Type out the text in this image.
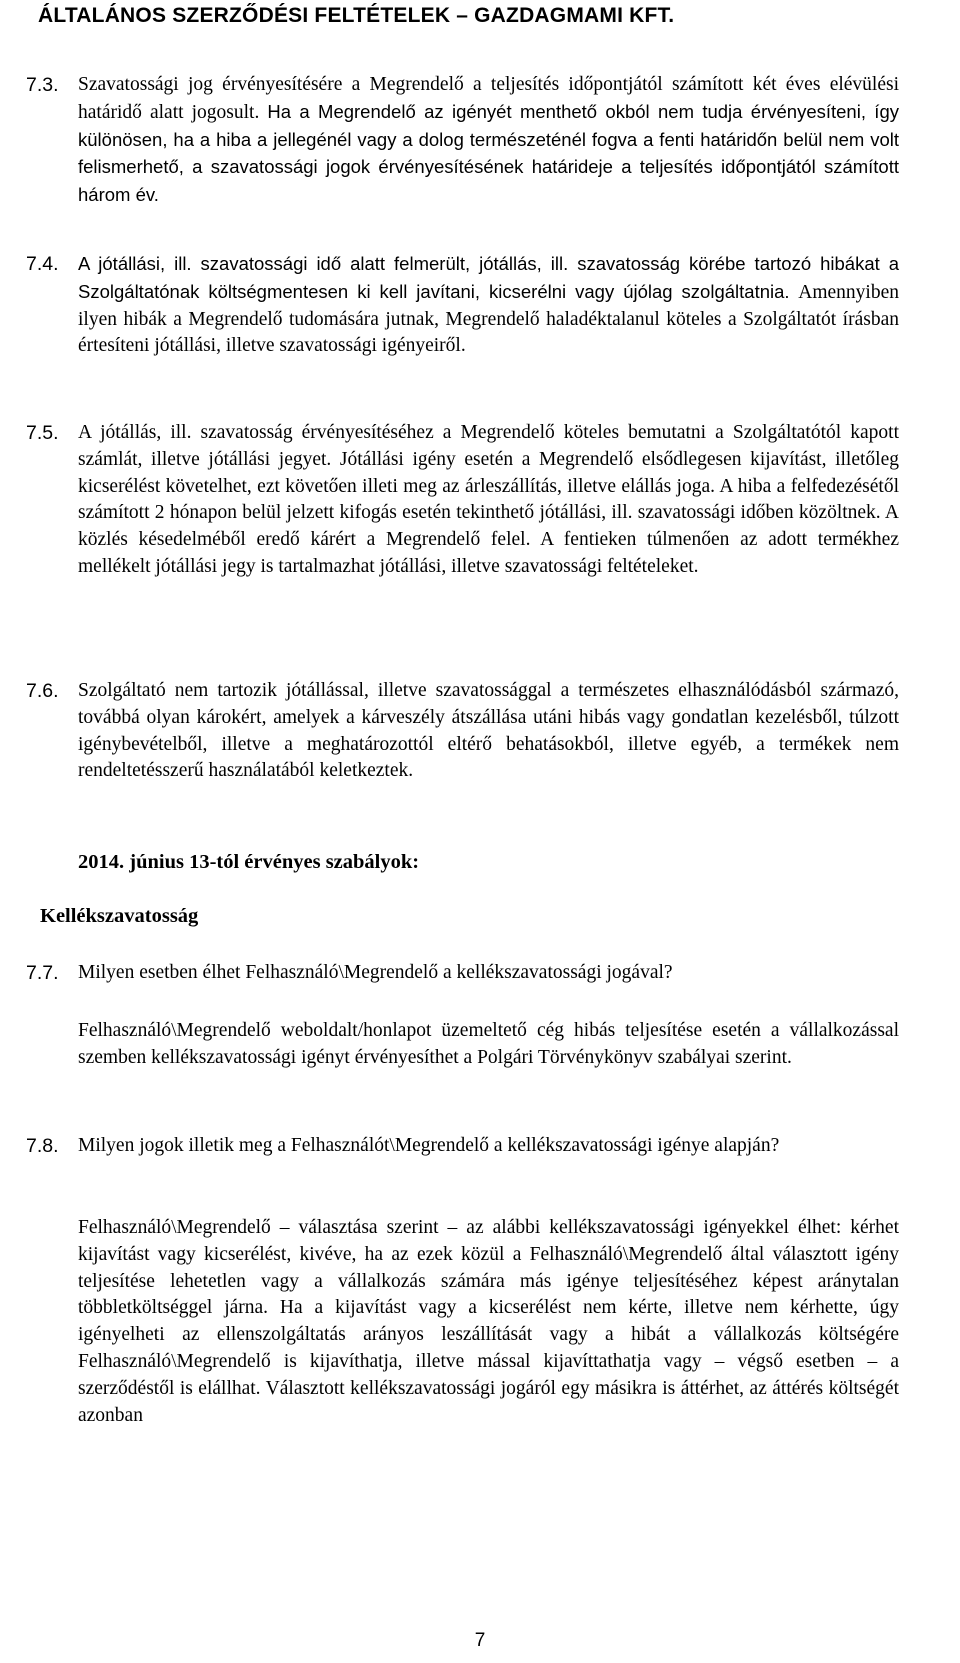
ÁLTALÁNOS SZERZŐDÉSI FELTÉTELEK – GAZDAGMAMI KFT.
7.3. Szavatossági jog érvényesítésére a Megrendelő a teljesítés időpontjától számított két éves elévülési határidő alatt jogosult. Ha a Megrendelő az igényét menthető okból nem tudja érvényesíteni, így különösen, ha a hiba a jellegénél vagy a dolog természeténél fogva a fenti határidőn belül nem volt felismerhető, a szavatossági jogok érvényesítésének határideje a teljesítés időpontjától számított három év.
7.4. A jótállási, ill. szavatossági idő alatt felmerült, jótállás, ill. szavatosság körébe tartozó hibákat a Szolgáltatónak költségmentesen ki kell javítani, kicserélni vagy újólag szolgáltatnia. Amennyiben ilyen hibák a Megrendelő tudomására jutnak, Megrendelő haladéktalanul köteles a Szolgáltatót írásban értesíteni jótállási, illetve szavatossági igényeiről.
7.5. A jótállás, ill. szavatosság érvényesítéséhez a Megrendelő köteles bemutatni a Szolgáltatótól kapott számlát, illetve jótállási jegyet. Jótállási igény esetén a Megrendelő elsődlegesen kijavítást, illetőleg kicserélést követelhet, ezt követően illeti meg az árleszállítás, illetve elállás joga. A hiba a felfedezésétől számított 2 hónapon belül jelzett kifogás esetén tekinthető jótállási, ill. szavatossági időben közöltnek. A közlés késedelméből eredő kárért a Megrendelő felel. A fentieken túlmenően az adott termékhez mellékelt jótállási jegy is tartalmazhat jótállási, illetve szavatossági feltételeket.
7.6. Szolgáltató nem tartozik jótállással, illetve szavatossággal a természetes elhasználódásból származó, továbbá olyan károkért, amelyek a kárveszély átszállása utáni hibás vagy gondatlan kezelésből, túlzott igénybevételből, illetve a meghatározottól eltérő behatásokból, illetve egyéb, a termékek nem rendeltetésszerű használatából keletkeztek.
2014. június 13-tól érvényes szabályok:
Kellékszavatosság
7.7. Milyen esetben élhet Felhasználó\Megrendelő a kellékszavatossági jogával?
Felhasználó\Megrendelő weboldalt/honlapot üzemeltető cég hibás teljesítése esetén a vállalkozással szemben kellékszavatossági igényt érvényesíthet a Polgári Törvénykönyv szabályai szerint.
7.8. Milyen jogok illetik meg a Felhasználót\Megrendelő a kellékszavatossági igénye alapján?
Felhasználó\Megrendelő – választása szerint – az alábbi kellékszavatossági igényekkel élhet: kérhet kijavítást vagy kicserélést, kivéve, ha az ezek közül a Felhasználó\Megrendelő által választott igény teljesítése lehetetlen vagy a vállalkozás számára más igénye teljesítéséhez képest aránytalan többletköltséggel járna. Ha a kijavítást vagy a kicserélést nem kérte, illetve nem kérhette, úgy igényelheti az ellenszolgáltatás arányos leszállítását vagy a hibát a vállalkozás költségére Felhasználó\Megrendelő is kijavíthatja, illetve mással kijavíttathatja vagy – végső esetben – a szerződéstől is elállhat. Választott kellékszavatossági jogáról egy másikra is áttérhet, az áttérés költségét azonban
7
